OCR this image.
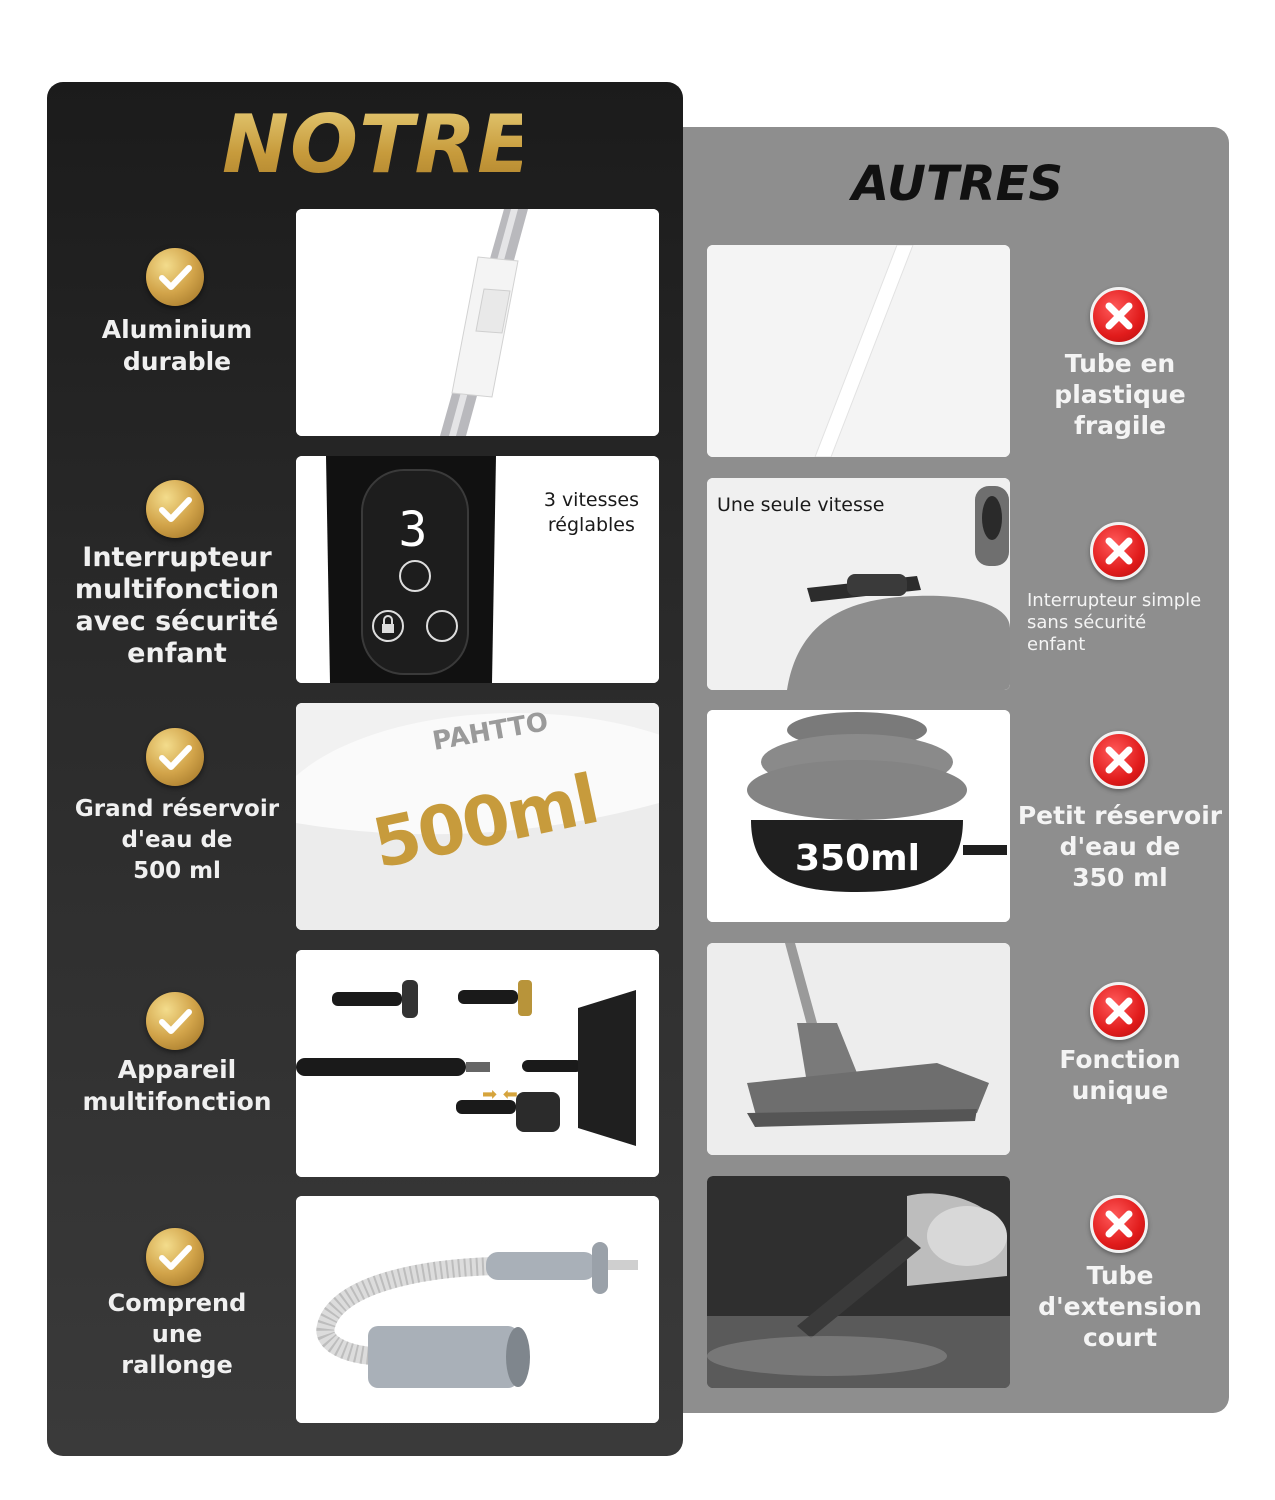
NOTRE	AUTRES
Aluminium
durable
Interrupteur
multifonction
avec sécurité
enfant
Grand réservoir
d'eau de
500 ml
Appareil
multifonction
Comprend
une
rallonge
3
3 vitesses
réglables
PAHTTO
500ml
➡ ⬅
Une seule vitesse
350ml
Tube en
plastique fragile
Interrupteur simple
sans sécurité
enfant
Petit réservoir
d'eau de
350 ml
Fonction
unique
Tube
d'extension
court
